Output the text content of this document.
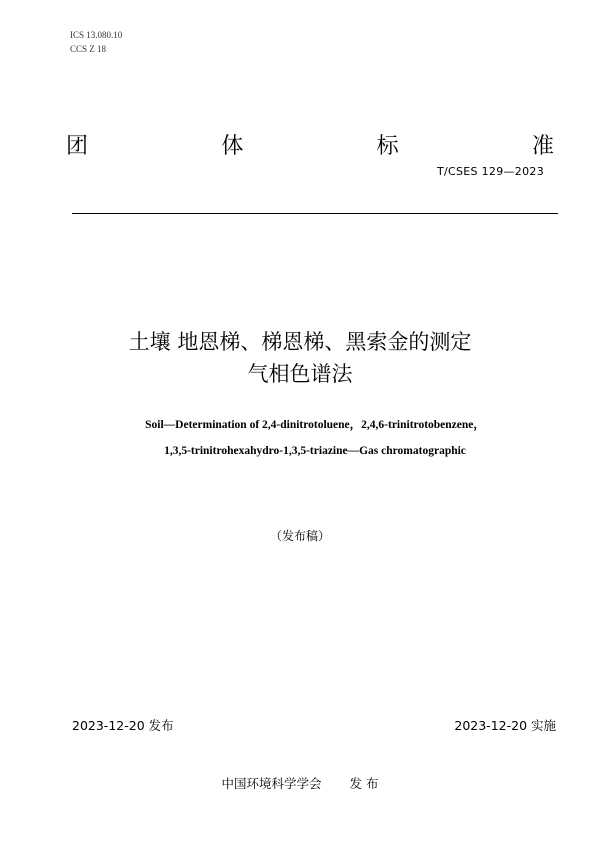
ICS 13.080.10
CCS Z 18
团	体	标	准
T/CSES 129—2023
土壤 地恩梯、梯恩梯、黑索金的测定
气相色谱法
Soil—Determination of 2,4-dinitrotoluene，2,4,6-trinitrotobenzene，
1,3,5-trinitrohexahydro-1,3,5-triazine—Gas chromatographic
（发布稿）
2023-12-20 发布	2023-12-20 实施
中国环境科学学会 发 布
